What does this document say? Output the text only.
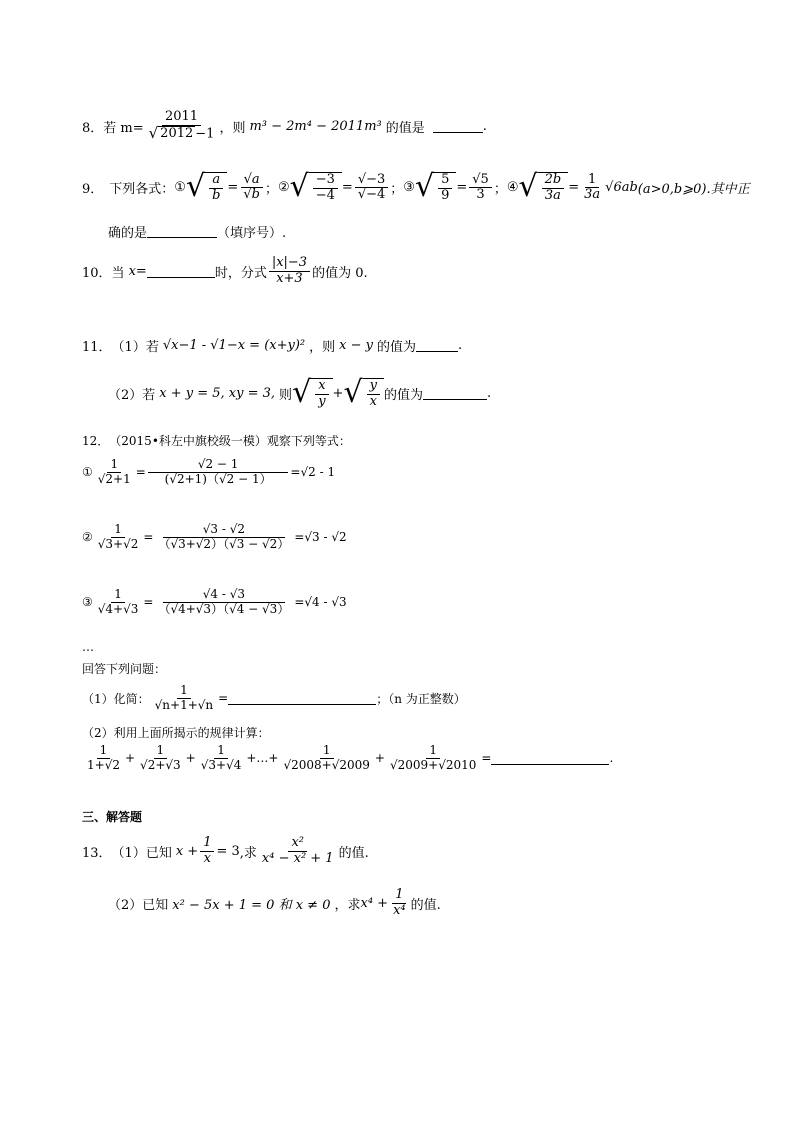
8． 若 $m= \frac{2011}{√ 2012 -1}$ ，则 m³ − 2m⁴ − 2011m³ 的值是	.
9． 下列各式： ① √ $\frac{a}{b} = \frac{√a}{√b}$ ； ② √ $\frac{-3}{-4} = \frac{√-3}{√-4}$ ； ③ √ $\frac{5}{9} = \frac{√5}{3}$ ； ④ √ $\frac{2b}{3a} = \frac{1}{3a} √6ab$ (a>0,b⩾0).其中正
确的是	（填序号）.
10． 当 x =	时，分式 $\frac{|x|-3}{x+3}$ 的值为 0.
11． （1）若 √x−1 - √1−x = (x+y)² ，则 x − y 的值为	.
（2）若 x + y = 5, xy = 3, 则 √ $\frac{x}{y}$ + √ $\frac{y}{x}$ 的值为	.
12． （2015•科左中旗校级一模）观察下列等式：
① $\frac{1}{√2+1} = \frac{√2 - 1}{(√2+1)(√2 - 1)} =√2 - 1$
② $\frac{1}{√3+√2} = \frac{√3 - √2}{(√3+√2)(√3 - √2)} =√3 - √2$
③ $\frac{1}{√4+√3} = \frac{√4 - √3}{(√4+√3)(√4 - √3)} =√4 - √3$
…
回答下列问题：
（1）化简： $\frac{1}{√n+1+√n}$ =	；（n 为正整数）
（2）利用上面所揭示的规律计算：
$\frac{1}{1+√2} + \frac{1}{√2+√3} + \frac{1}{√3+√4}$ +…+ $\frac{1}{√2008+√2009} + \frac{1}{√2009+√2010}$ =	.
三、解答题
13． （1）已知 $x + \frac{1}{x} = 3$ ,求 $\frac{\text{x²}}{\text{x⁴ − x² + 1}}$ 的值.
（2）已知 x² − 5x + 1 = 0 和 x ≠ 0 ，求 $x^4 + \frac{1}{\text{x⁴}}$ 的值.
